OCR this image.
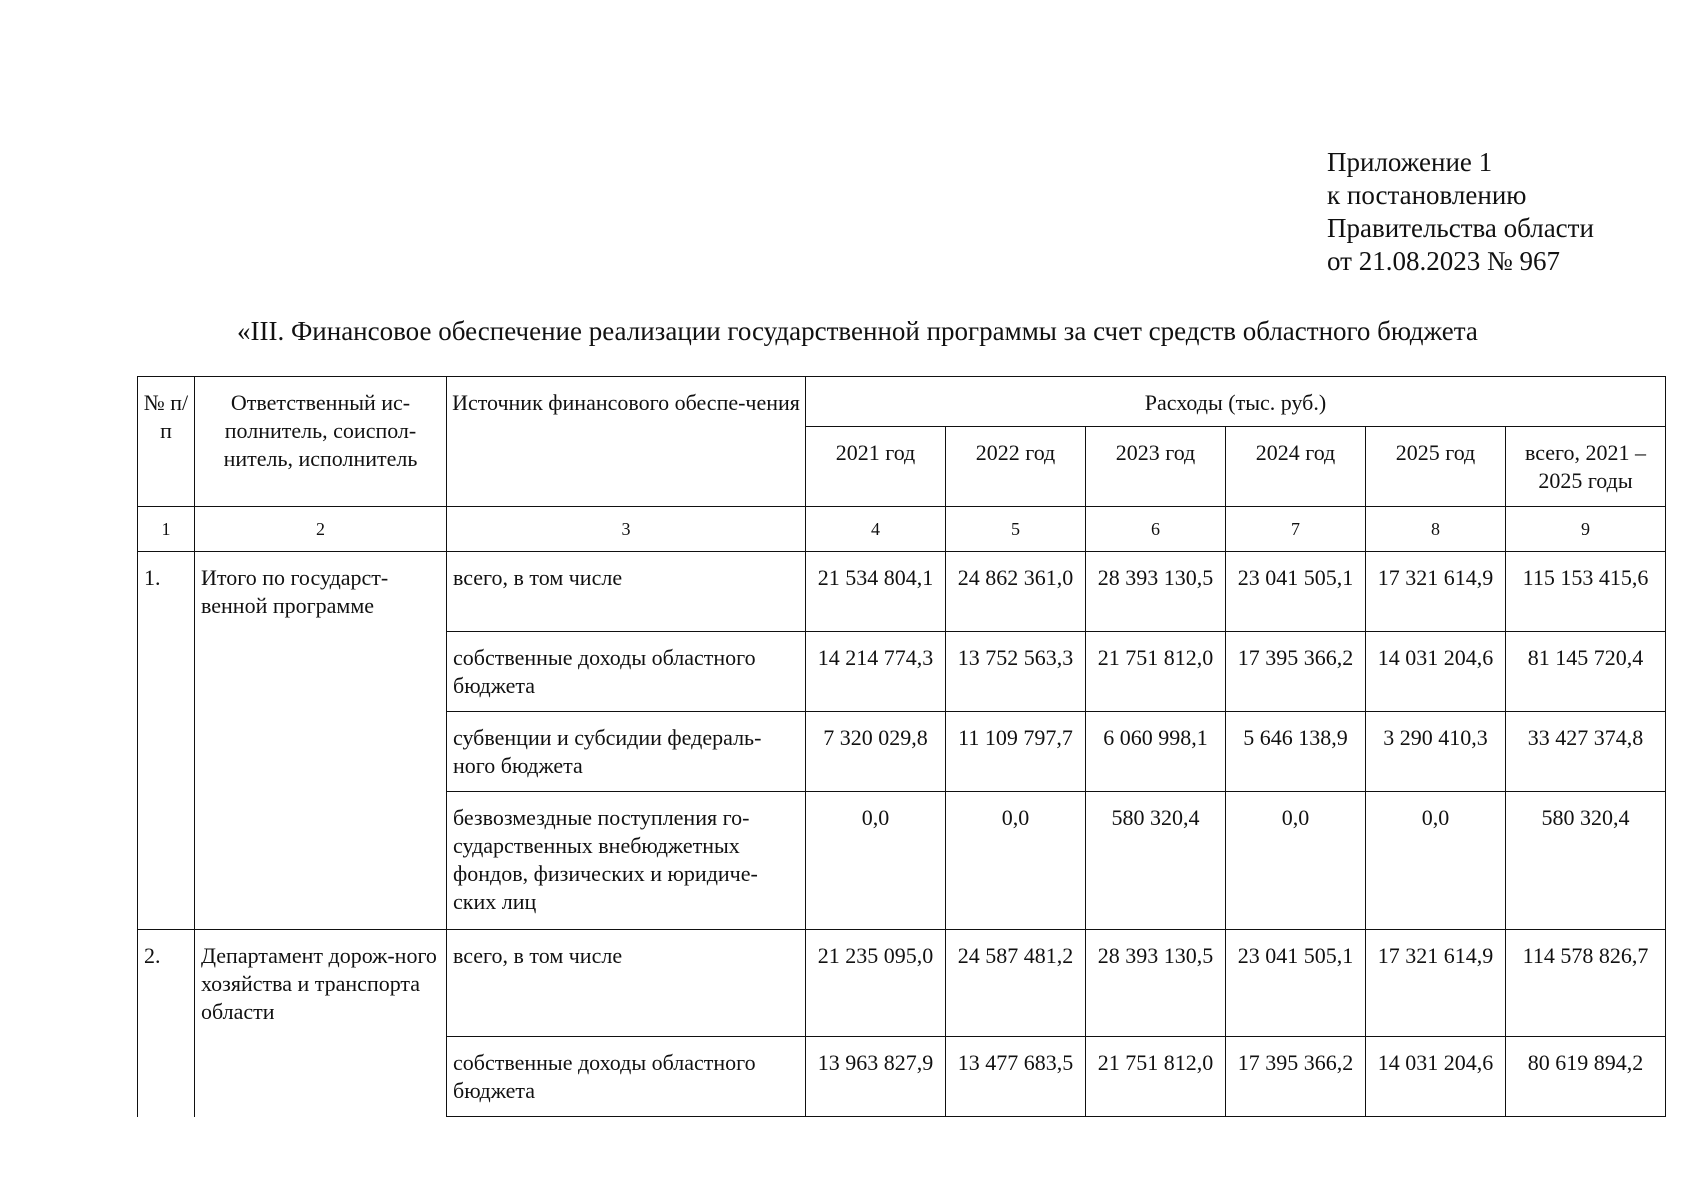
Приложение 1
к постановлению
Правительства области
от 21.08.2023 № 967
«III. Финансовое обеспечение реализации государственной программы за счет средств областного бюджета
№ п/п	Ответственный ис-полнитель, соиспол-нитель, исполнитель	Источник финансового обеспе-чения	Расходы (тыс. руб.)					
			2021 год	2022 год	2023 год	2024 год	2025 год	всего, 2021 – 2025 годы
1	2	3	4	5	6	7	8	9
1.	Итого по государст-венной программе	всего, в том числе	21 534 804,1	24 862 361,0	28 393 130,5	23 041 505,1	17 321 614,9	115 153 415,6
		собственные доходы областного бюджета	14 214 774,3	13 752 563,3	21 751 812,0	17 395 366,2	14 031 204,6	81 145 720,4
		субвенции и субсидии федераль-ного бюджета	7 320 029,8	11 109 797,7	6 060 998,1	5 646 138,9	3 290 410,3	33 427 374,8
		безвозмездные поступления го-сударственных внебюджетных фондов, физических и юридиче-ских лиц	0,0	0,0	580 320,4	0,0	0,0	580 320,4
2.	Департамент дорож-ного хозяйства и транспорта области	всего, в том числе	21 235 095,0	24 587 481,2	28 393 130,5	23 041 505,1	17 321 614,9	114 578 826,7
		собственные доходы областного бюджета	13 963 827,9	13 477 683,5	21 751 812,0	17 395 366,2	14 031 204,6	80 619 894,2
